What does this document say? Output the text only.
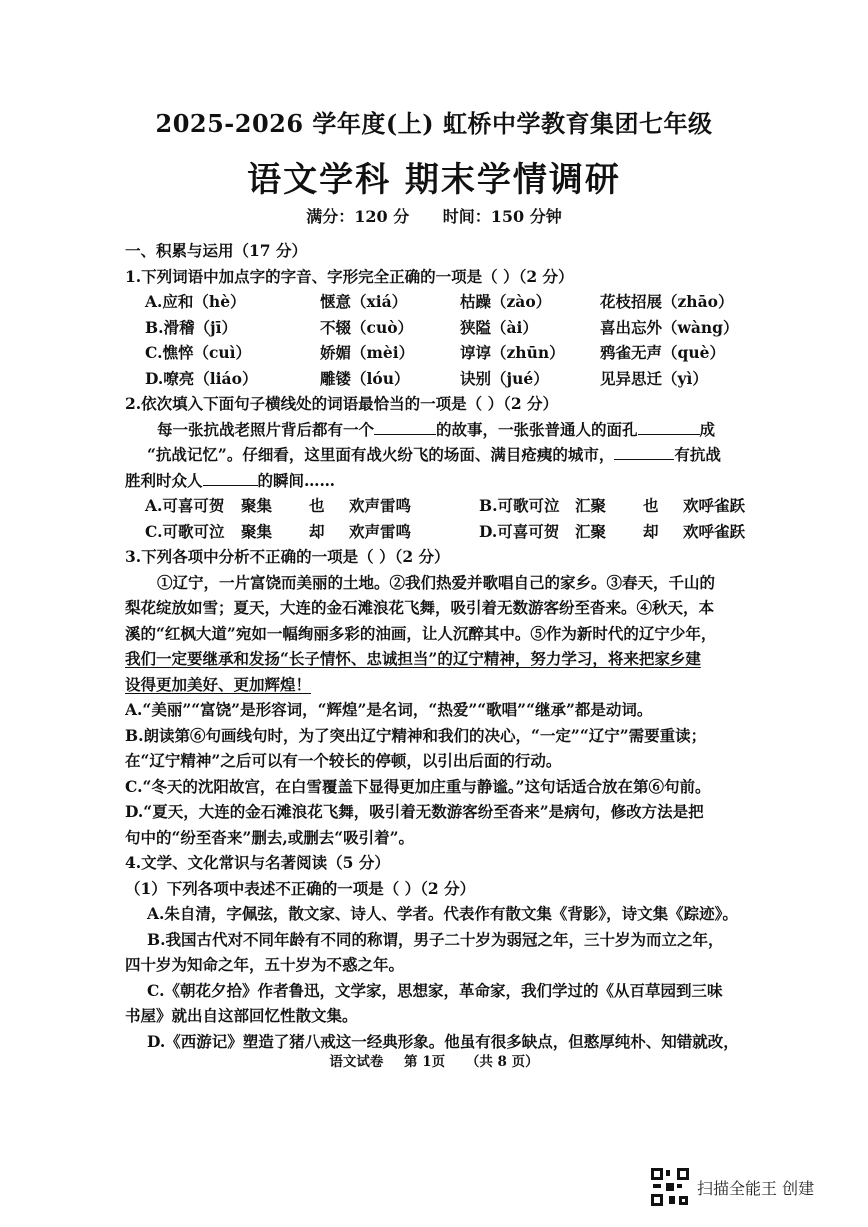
2025-2026 学年度(上) 虹桥中学教育集团七年级
语文学科 期末学情调研
满分：120 分 时间：150 分钟
一、积累与运用（17 分）
1.下列词语中加点字的字音、字形完全正确的一项是（ ）（2 分）
A.应和（hè）	惬意（xiá）	枯躁（zào）	花枝招展（zhāo）
B.滑稽（jī）	不辍（cuò）	狭隘（ài）	喜出忘外（wàng）
C.憔悴（cuì）	娇媚（mèi）	谆谆（zhūn）	鸦雀无声（què）
D.嘹亮（liáo）	雕镂（lóu）	诀别（jué）	见异思迁（yì）
2.依次填入下面句子横线处的词语最恰当的一项是（ ）（2 分）
每一张抗战老照片背后都有一个	的故事，一张张普通人的面孔	成
“抗战记忆”。仔细看，这里面有战火纷飞的场面、满目疮痍的城市，	有抗战
胜利时众人	的瞬间……
A.可喜可贺	聚集	也	欢声雷鸣	B.可歌可泣	汇聚	也	欢呼雀跃
C.可歌可泣	聚集	却	欢声雷鸣	D.可喜可贺	汇聚	却	欢呼雀跃
3.下列各项中分析不正确的一项是（ ）（2 分）
①辽宁，一片富饶而美丽的土地。②我们热爱并歌唱自己的家乡。③春天，千山的
梨花绽放如雪；夏天，大连的金石滩浪花飞舞，吸引着无数游客纷至沓来。④秋天，本
溪的“红枫大道”宛如一幅绚丽多彩的油画，让人沉醉其中。⑤作为新时代的辽宁少年，
我们一定要继承和发扬“长子情怀、忠诚担当”的辽宁精神，努力学习，将来把家乡建
设得更加美好、更加辉煌！
A.“美丽”“富饶”是形容词，“辉煌”是名词，“热爱”“歌唱”“继承”都是动词。
B.朗读第⑥句画线句时，为了突出辽宁精神和我们的决心，“一定”“辽宁”需要重读；
在“辽宁精神”之后可以有一个较长的停顿，以引出后面的行动。
C.“冬天的沈阳故宫，在白雪覆盖下显得更加庄重与静谧。”这句话适合放在第⑥句前。
D.“夏天，大连的金石滩浪花飞舞，吸引着无数游客纷至沓来”是病句，修改方法是把
句中的“纷至沓来”删去,或删去“吸引着”。
4.文学、文化常识与名著阅读（5 分）
（1）下列各项中表述不正确的一项是（ ）（2 分）
A.朱自清，字佩弦，散文家、诗人、学者。代表作有散文集《背影》，诗文集《踪迹》。
B.我国古代对不同年龄有不同的称谓，男子二十岁为弱冠之年，三十岁为而立之年，
四十岁为知命之年，五十岁为不惑之年。
C.《朝花夕拾》作者鲁迅，文学家，思想家，革命家，我们学过的《从百草园到三味
书屋》就出自这部回忆性散文集。
D.《西游记》塑造了猪八戒这一经典形象。他虽有很多缺点，但憨厚纯朴、知错就改，
语文试卷 第 1页 （共 8 页）
扫描全能王 创建
